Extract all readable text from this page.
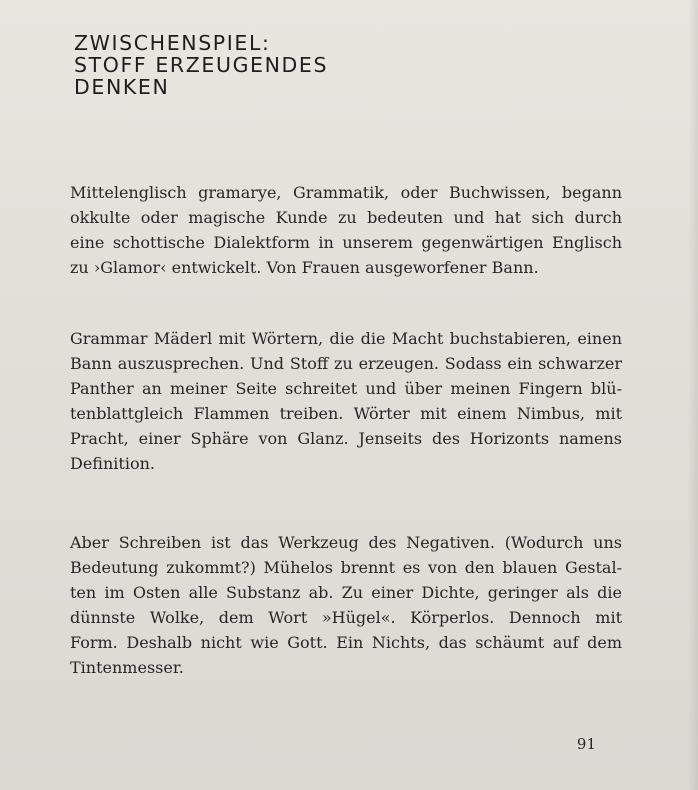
ZWISCHENSPIEL:
STOFF ERZEUGENDES
DENKEN

Mittelenglisch gramarye, Grammatik, oder Buchwissen, begann
okkulte oder magische Kunde zu bedeuten und hat sich durch
eine schottische Dialektform in unserem gegenwärtigen Englisch
zu ›Glamor‹ entwickelt. Von Frauen ausgeworfener Bann.

Grammar Mäderl mit Wörtern, die die Macht buchstabieren, einen
Bann auszusprechen. Und Stoff zu erzeugen. Sodass ein schwarzer
Panther an meiner Seite schreitet und über meinen Fingern blü-
tenblattgleich Flammen treiben. Wörter mit einem Nimbus, mit
Pracht, einer Sphäre von Glanz. Jenseits des Horizonts namens
Definition.

Aber Schreiben ist das Werkzeug des Negativen. (Wodurch uns
Bedeutung zukommt?) Mühelos brennt es von den blauen Gestal-
ten im Osten alle Substanz ab. Zu einer Dichte, geringer als die
dünnste Wolke, dem Wort »Hügel«. Körperlos. Dennoch mit
Form. Deshalb nicht wie Gott. Ein Nichts, das schäumt auf dem
Tintenmesser.

91
